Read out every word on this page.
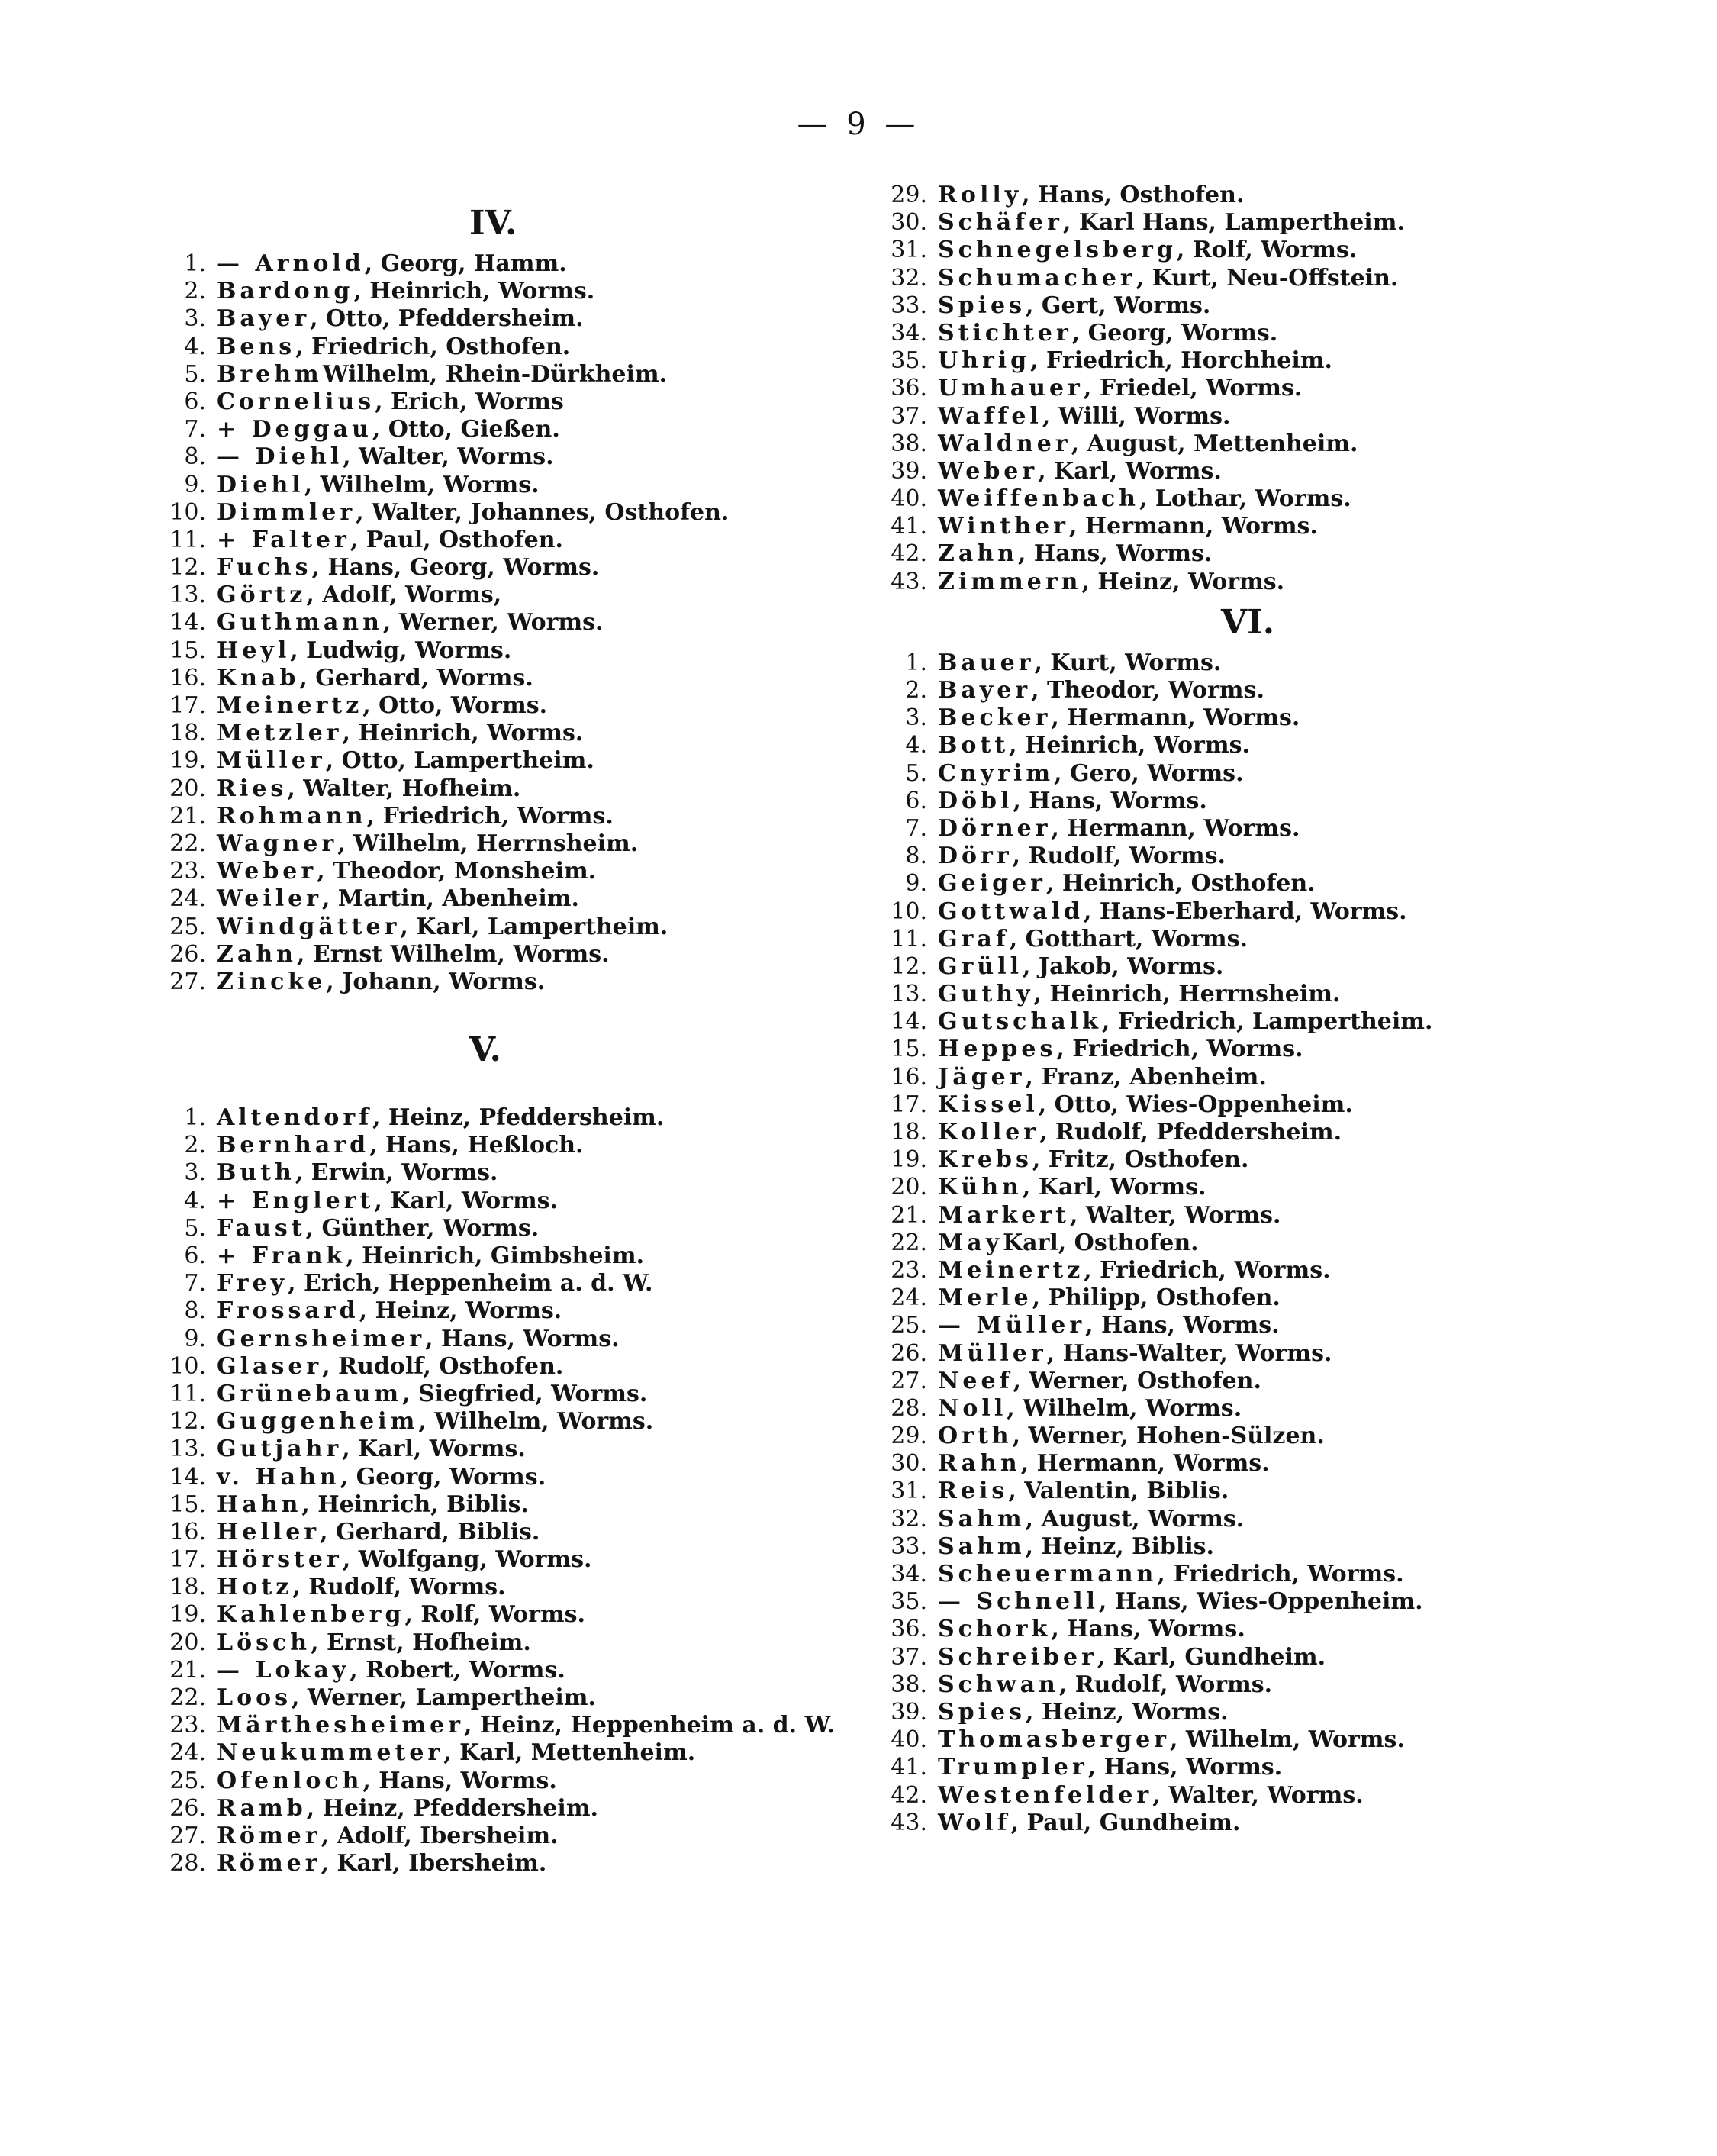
— 9 —
IV.
1. — Arnold , Georg, Hamm.
2. Bardong , Heinrich, Worms.
3. Bayer , Otto, Pfeddersheim.
4. Bens , Friedrich, Osthofen.
5. Brehm Wilhelm, Rhein-Dürkheim.
6. Cornelius , Erich, Worms
7. + Deggau , Otto, Gießen.
8. — Diehl , Walter, Worms.
9. Diehl , Wilhelm, Worms.
10. Dimmler , Walter, Johannes, Osthofen.
11. + Falter , Paul, Osthofen.
12. Fuchs , Hans, Georg, Worms.
13. Görtz , Adolf, Worms,
14. Guthmann , Werner, Worms.
15. Heyl , Ludwig, Worms.
16. Knab , Gerhard, Worms.
17. Meinertz , Otto, Worms.
18. Metzler , Heinrich, Worms.
19. Müller , Otto, Lampertheim.
20. Ries , Walter, Hofheim.
21. Rohmann , Friedrich, Worms.
22. Wagner , Wilhelm, Herrnsheim.
23. Weber , Theodor, Monsheim.
24. Weiler , Martin, Abenheim.
25. Windgätter , Karl, Lampertheim.
26. Zahn , Ernst Wilhelm, Worms.
27. Zincke , Johann, Worms.
V.
1. Altendorf , Heinz, Pfeddersheim.
2. Bernhard , Hans, Heßloch.
3. Buth , Erwin, Worms.
4. + Englert , Karl, Worms.
5. Faust , Günther, Worms.
6. + Frank , Heinrich, Gimbsheim.
7. Frey , Erich, Heppenheim a. d. W.
8. Frossard , Heinz, Worms.
9. Gernsheimer , Hans, Worms.
10. Glaser , Rudolf, Osthofen.
11. Grünebaum , Siegfried, Worms.
12. Guggenheim , Wilhelm, Worms.
13. Gutjahr , Karl, Worms.
14. v. Hahn , Georg, Worms.
15. Hahn , Heinrich, Biblis.
16. Heller , Gerhard, Biblis.
17. Hörster , Wolfgang, Worms.
18. Hotz , Rudolf, Worms.
19. Kahlenberg , Rolf, Worms.
20. Lösch , Ernst, Hofheim.
21. — Lokay , Robert, Worms.
22. Loos , Werner, Lampertheim.
23. Märthesheimer , Heinz, Heppenheim a. d. W.
24. Neukummeter , Karl, Mettenheim.
25. Ofenloch , Hans, Worms.
26. Ramb , Heinz, Pfeddersheim.
27. Römer , Adolf, Ibersheim.
28. Römer , Karl, Ibersheim.
29. Rolly , Hans, Osthofen.
30. Schäfer , Karl Hans, Lampertheim.
31. Schnegelsberg , Rolf, Worms.
32. Schumacher , Kurt, Neu-Offstein.
33. Spies , Gert, Worms.
34. Stichter , Georg, Worms.
35. Uhrig , Friedrich, Horchheim.
36. Umhauer , Friedel, Worms.
37. Waffel , Willi, Worms.
38. Waldner , August, Mettenheim.
39. Weber , Karl, Worms.
40. Weiffenbach , Lothar, Worms.
41. Winther , Hermann, Worms.
42. Zahn , Hans, Worms.
43. Zimmern , Heinz, Worms.
VI.
1. Bauer , Kurt, Worms.
2. Bayer , Theodor, Worms.
3. Becker , Hermann, Worms.
4. Bott , Heinrich, Worms.
5. Cnyrim , Gero, Worms.
6. Döbl , Hans, Worms.
7. Dörner , Hermann, Worms.
8. Dörr , Rudolf, Worms.
9. Geiger , Heinrich, Osthofen.
10. Gottwald , Hans-Eberhard, Worms.
11. Graf , Gotthart, Worms.
12. Grüll , Jakob, Worms.
13. Guthy , Heinrich, Herrnsheim.
14. Gutschalk , Friedrich, Lampertheim.
15. Heppes , Friedrich, Worms.
16. Jäger , Franz, Abenheim.
17. Kissel , Otto, Wies-Oppenheim.
18. Koller , Rudolf, Pfeddersheim.
19. Krebs , Fritz, Osthofen.
20. Kühn , Karl, Worms.
21. Markert , Walter, Worms.
22. May Karl, Osthofen.
23. Meinertz , Friedrich, Worms.
24. Merle , Philipp, Osthofen.
25. — Müller , Hans, Worms.
26. Müller , Hans-Walter, Worms.
27. Neef , Werner, Osthofen.
28. Noll , Wilhelm, Worms.
29. Orth , Werner, Hohen-Sülzen.
30. Rahn , Hermann, Worms.
31. Reis , Valentin, Biblis.
32. Sahm , August, Worms.
33. Sahm , Heinz, Biblis.
34. Scheuermann , Friedrich, Worms.
35. — Schnell , Hans, Wies-Oppenheim.
36. Schork , Hans, Worms.
37. Schreiber , Karl, Gundheim.
38. Schwan , Rudolf, Worms.
39. Spies , Heinz, Worms.
40. Thomasberger , Wilhelm, Worms.
41. Trumpler , Hans, Worms.
42. Westenfelder , Walter, Worms.
43. Wolf , Paul, Gundheim.
